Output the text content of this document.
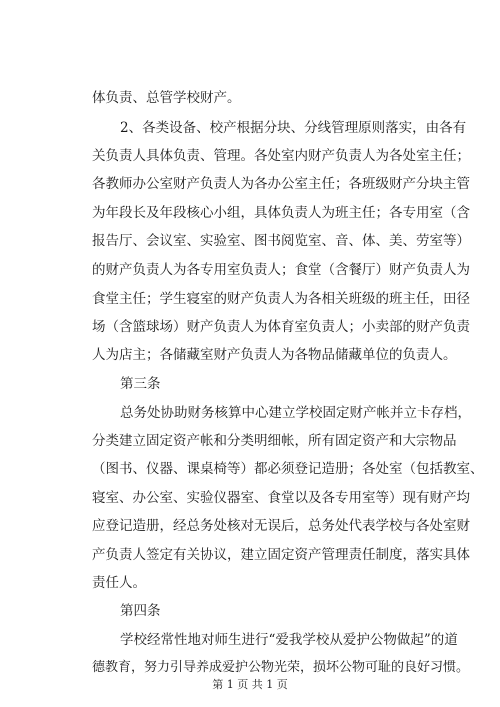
体负责、总管学校财产。
2、各类设备、校产根据分块、分线管理原则落实，由各有
关负责人具体负责、管理。各处室内财产负责人为各处室主任；
各教师办公室财产负责人为各办公室主任；各班级财产分块主管
为年段长及年段核心小组，具体负责人为班主任；各专用室（含
报告厅、会议室、实验室、图书阅览室、音、体、美、劳室等）
的财产负责人为各专用室负责人；食堂（含餐厅）财产负责人为
食堂主任；学生寝室的财产负责人为各相关班级的班主任，田径
场（含篮球场）财产负责人为体育室负责人；小卖部的财产负责
人为店主；各储藏室财产负责人为各物品储藏单位的负责人。
第三条
总务处协助财务核算中心建立学校固定财产帐并立卡存档，
分类建立固定资产帐和分类明细帐，所有固定资产和大宗物品
（图书、仪器、课桌椅等）都必须登记造册；各处室（包括教室、
寝室、办公室、实验仪器室、食堂以及各专用室等）现有财产均
应登记造册，经总务处核对无误后，总务处代表学校与各处室财
产负责人签定有关协议，建立固定资产管理责任制度，落实具体
责任人。
第四条
学校经常性地对师生进行“爱我学校从爱护公物做起”的道
德教育，努力引导养成爱护公物光荣，损坏公物可耻的良好习惯。
第 1 页 共 1 页
